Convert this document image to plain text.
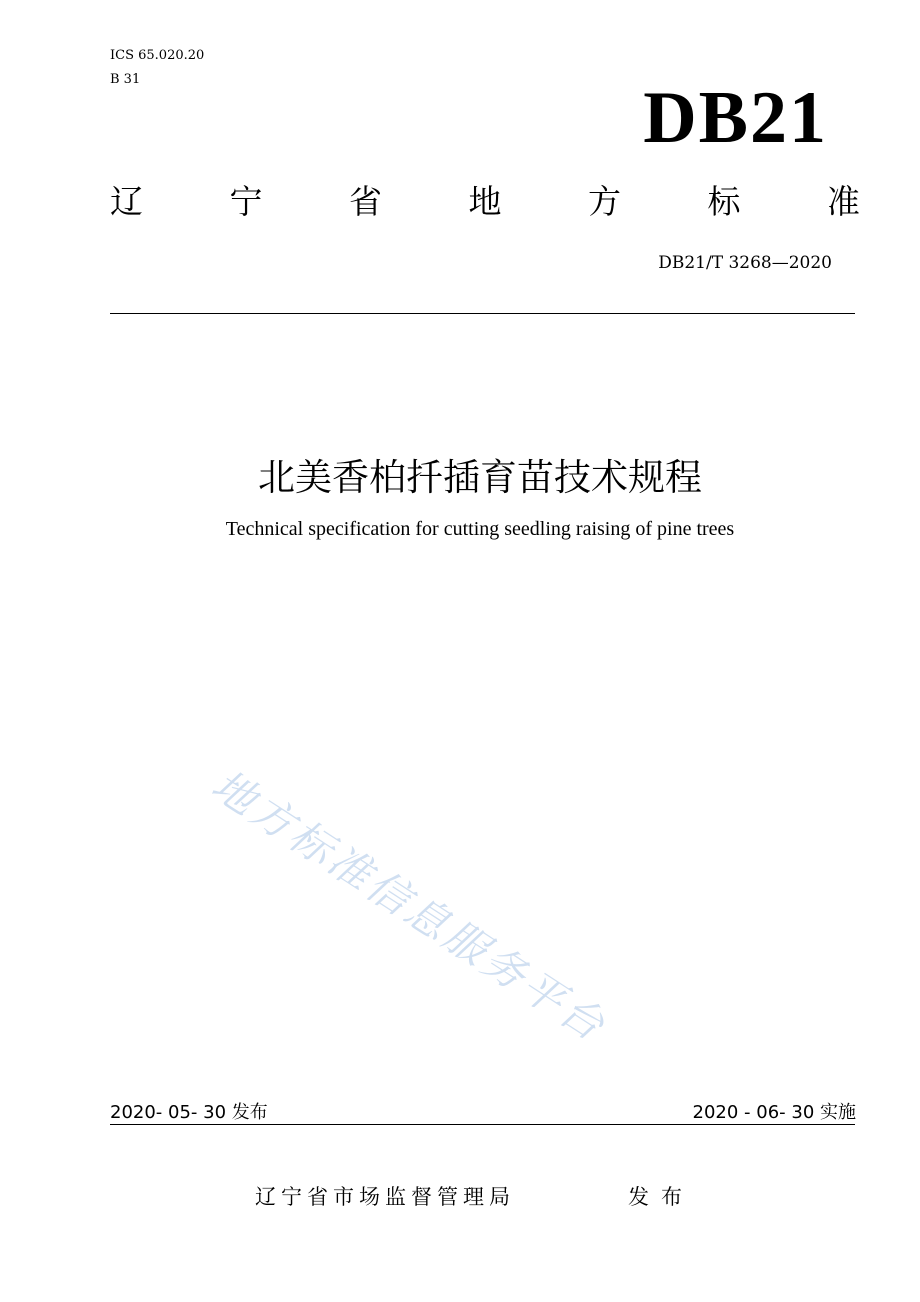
ICS 65.020.20
B 31	DB21
辽	宁	省	地	方	标	准
DB21/T 3268—2020
北美香柏扦插育苗技术规程
Technical specification for cutting seedling raising of pine trees
地方标准信息服务平台
2020- 05- 30 发布	2020 - 06- 30 实施
辽宁省市场监督管理局	发布
